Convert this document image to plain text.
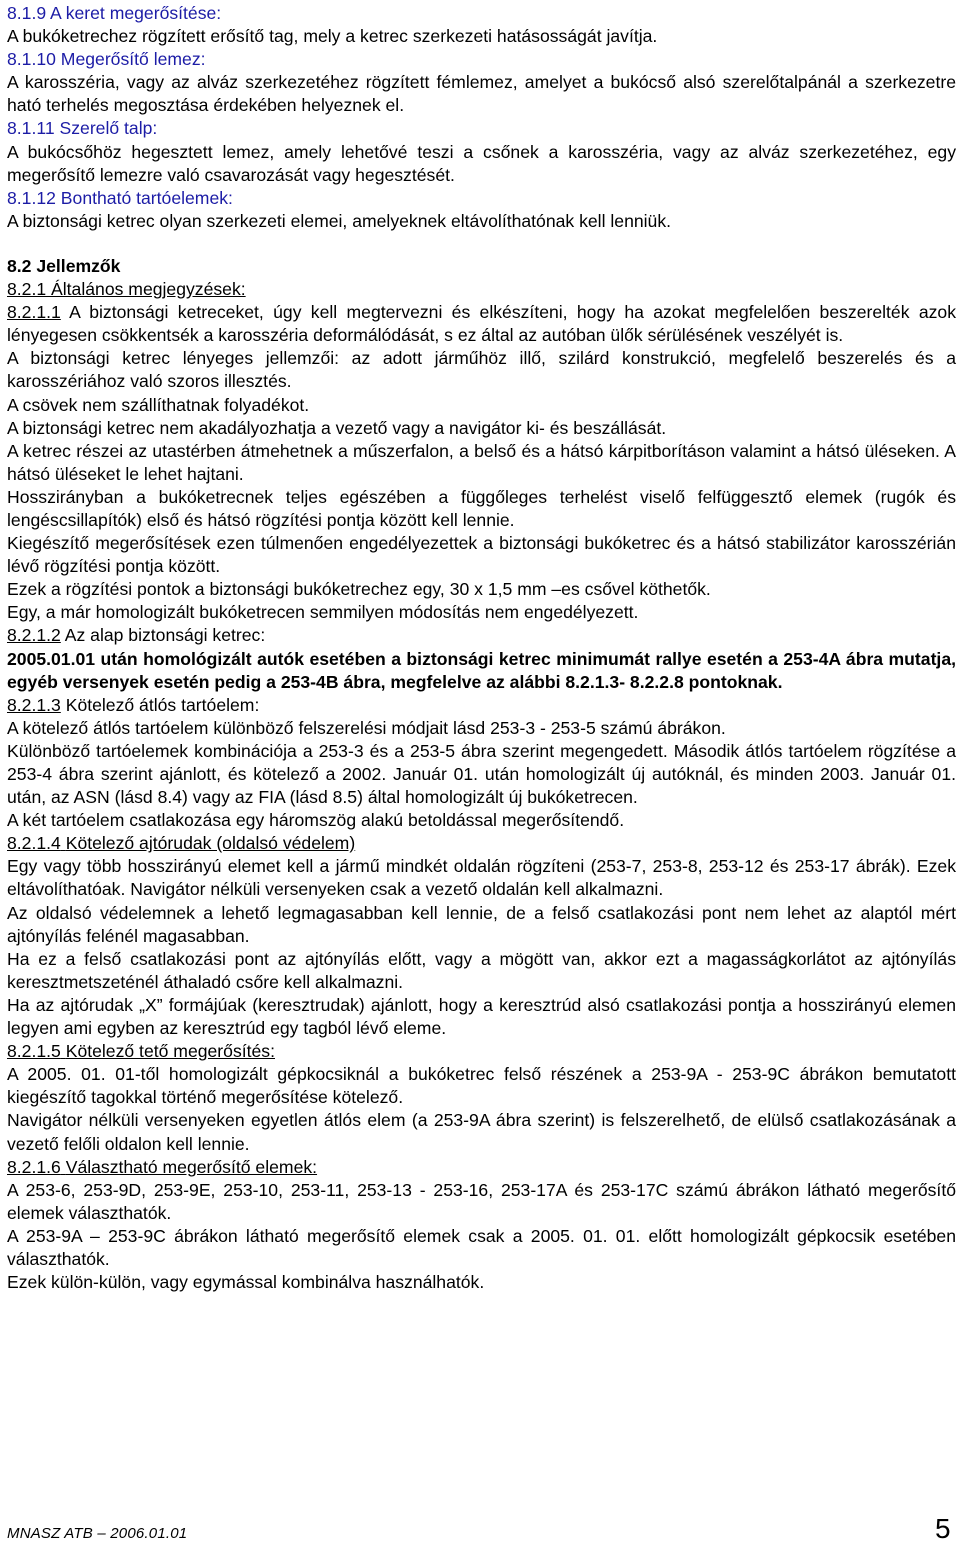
8.1.9 A keret megerősítése:
A bukóketrechez rögzített erősítő tag, mely a ketrec szerkezeti hatásosságát javítja.
8.1.10 Megerősítő lemez:
A karosszéria, vagy az alváz szerkezetéhez rögzített fémlemez, amelyet a bukócső alsó szerelőtalpánál a szerkezetre ható terhelés megosztása érdekében helyeznek el.
8.1.11 Szerelő talp:
A bukócsőhöz hegesztett lemez, amely lehetővé teszi a csőnek a karosszéria, vagy az alváz szerkezetéhez, egy megerősítő lemezre való csavarozását vagy hegesztését.
8.1.12 Bontható tartóelemek:
A biztonsági ketrec olyan szerkezeti elemei, amelyeknek eltávolíthatónak kell lenniük.
8.2 Jellemzők
8.2.1 Általános megjegyzések:
8.2.1.1 A biztonsági ketreceket, úgy kell megtervezni és elkészíteni, hogy ha azokat megfelelően beszerelték azok lényegesen csökkentsék a karosszéria deformálódását, s ez által az autóban ülők sérülésének veszélyét is.
A biztonsági ketrec lényeges jellemzői: az adott járműhöz illő, szilárd konstrukció, megfelelő beszerelés és a karosszériához való szoros illesztés.
A csövek nem szállíthatnak folyadékot.
A biztonsági ketrec nem akadályozhatja a vezető vagy a navigátor ki- és beszállását.
A ketrec részei az utastérben átmehetnek a műszerfalon, a belső és a hátsó kárpitborításon valamint a hátsó üléseken. A hátsó üléseket le lehet hajtani.
Hosszirányban a bukóketrecnek teljes egészében a függőleges terhelést viselő felfüggesztő elemek (rugók és lengéscsillapítók) első és hátsó rögzítési pontja között kell lennie.
Kiegészítő megerősítések ezen túlmenően engedélyezettek a biztonsági bukóketrec és a hátsó stabilizátor karosszérián lévő rögzítési pontja között.
Ezek a rögzítési pontok a biztonsági bukóketrechez egy, 30 x 1,5 mm –es csővel köthetők.
Egy, a már homologizált bukóketrecen semmilyen módosítás nem engedélyezett.
8.2.1.2 Az alap biztonsági ketrec:
2005.01.01 után homológizált autók esetében a biztonsági ketrec minimumát rallye esetén a 253-4A ábra mutatja, egyéb versenyek esetén pedig a 253-4B ábra, megfelelve az alábbi 8.2.1.3- 8.2.2.8 pontoknak.
8.2.1.3 Kötelező átlós tartóelem:
A kötelező átlós tartóelem különböző felszerelési módjait lásd 253-3 - 253-5 számú ábrákon.
Különböző tartóelemek kombinációja a 253-3 és a 253-5 ábra szerint megengedett. Második átlós tartóelem rögzítése a 253-4 ábra szerint ajánlott, és kötelező a 2002. Január 01. után homologizált új autóknál, és minden 2003. Január 01. után, az ASN (lásd 8.4) vagy az FIA (lásd 8.5) által homologizált új bukóketrecen.
A két tartóelem csatlakozása egy háromszög alakú betoldással megerősítendő.
8.2.1.4 Kötelező ajtórudak (oldalsó védelem)
Egy vagy több hosszirányú elemet kell a jármű mindkét oldalán rögzíteni (253-7, 253-8, 253-12 és 253-17 ábrák). Ezek eltávolíthatóak. Navigátor nélküli versenyeken csak a vezető oldalán kell alkalmazni.
Az oldalsó védelemnek a lehető legmagasabban kell lennie, de a felső csatlakozási pont nem lehet az alaptól mért ajtónyílás felénél magasabban.
Ha ez a felső csatlakozási pont az ajtónyílás előtt, vagy a mögött van, akkor ezt a magasságkorlátot az ajtónyílás keresztmetszeténél áthaladó csőre kell alkalmazni.
Ha az ajtórudak „X” formájúak (keresztrudak) ajánlott, hogy a keresztrúd alsó csatlakozási pontja a hosszirányú elemen legyen ami egyben az keresztrúd egy tagból lévő eleme.
8.2.1.5 Kötelező tető megerősítés:
A 2005. 01. 01-től homologizált gépkocsiknál a bukóketrec felső részének a 253-9A - 253-9C ábrákon bemutatott kiegészítő tagokkal történő megerősítése kötelező.
Navigátor nélküli versenyeken egyetlen átlós elem (a 253-9A ábra szerint) is felszerelhető, de elülső csatlakozásának a vezető felőli oldalon kell lennie.
8.2.1.6 Választható megerősítő elemek:
A 253-6, 253-9D, 253-9E, 253-10, 253-11, 253-13 - 253-16, 253-17A és 253-17C számú ábrákon látható megerősítő elemek választhatók.
A 253-9A – 253-9C ábrákon látható megerősítő elemek csak a 2005. 01. 01. előtt homologizált gépkocsik esetében választhatók.
Ezek külön-külön, vagy egymással kombinálva használhatók.
MNASZ ATB – 2006.01.01	5
